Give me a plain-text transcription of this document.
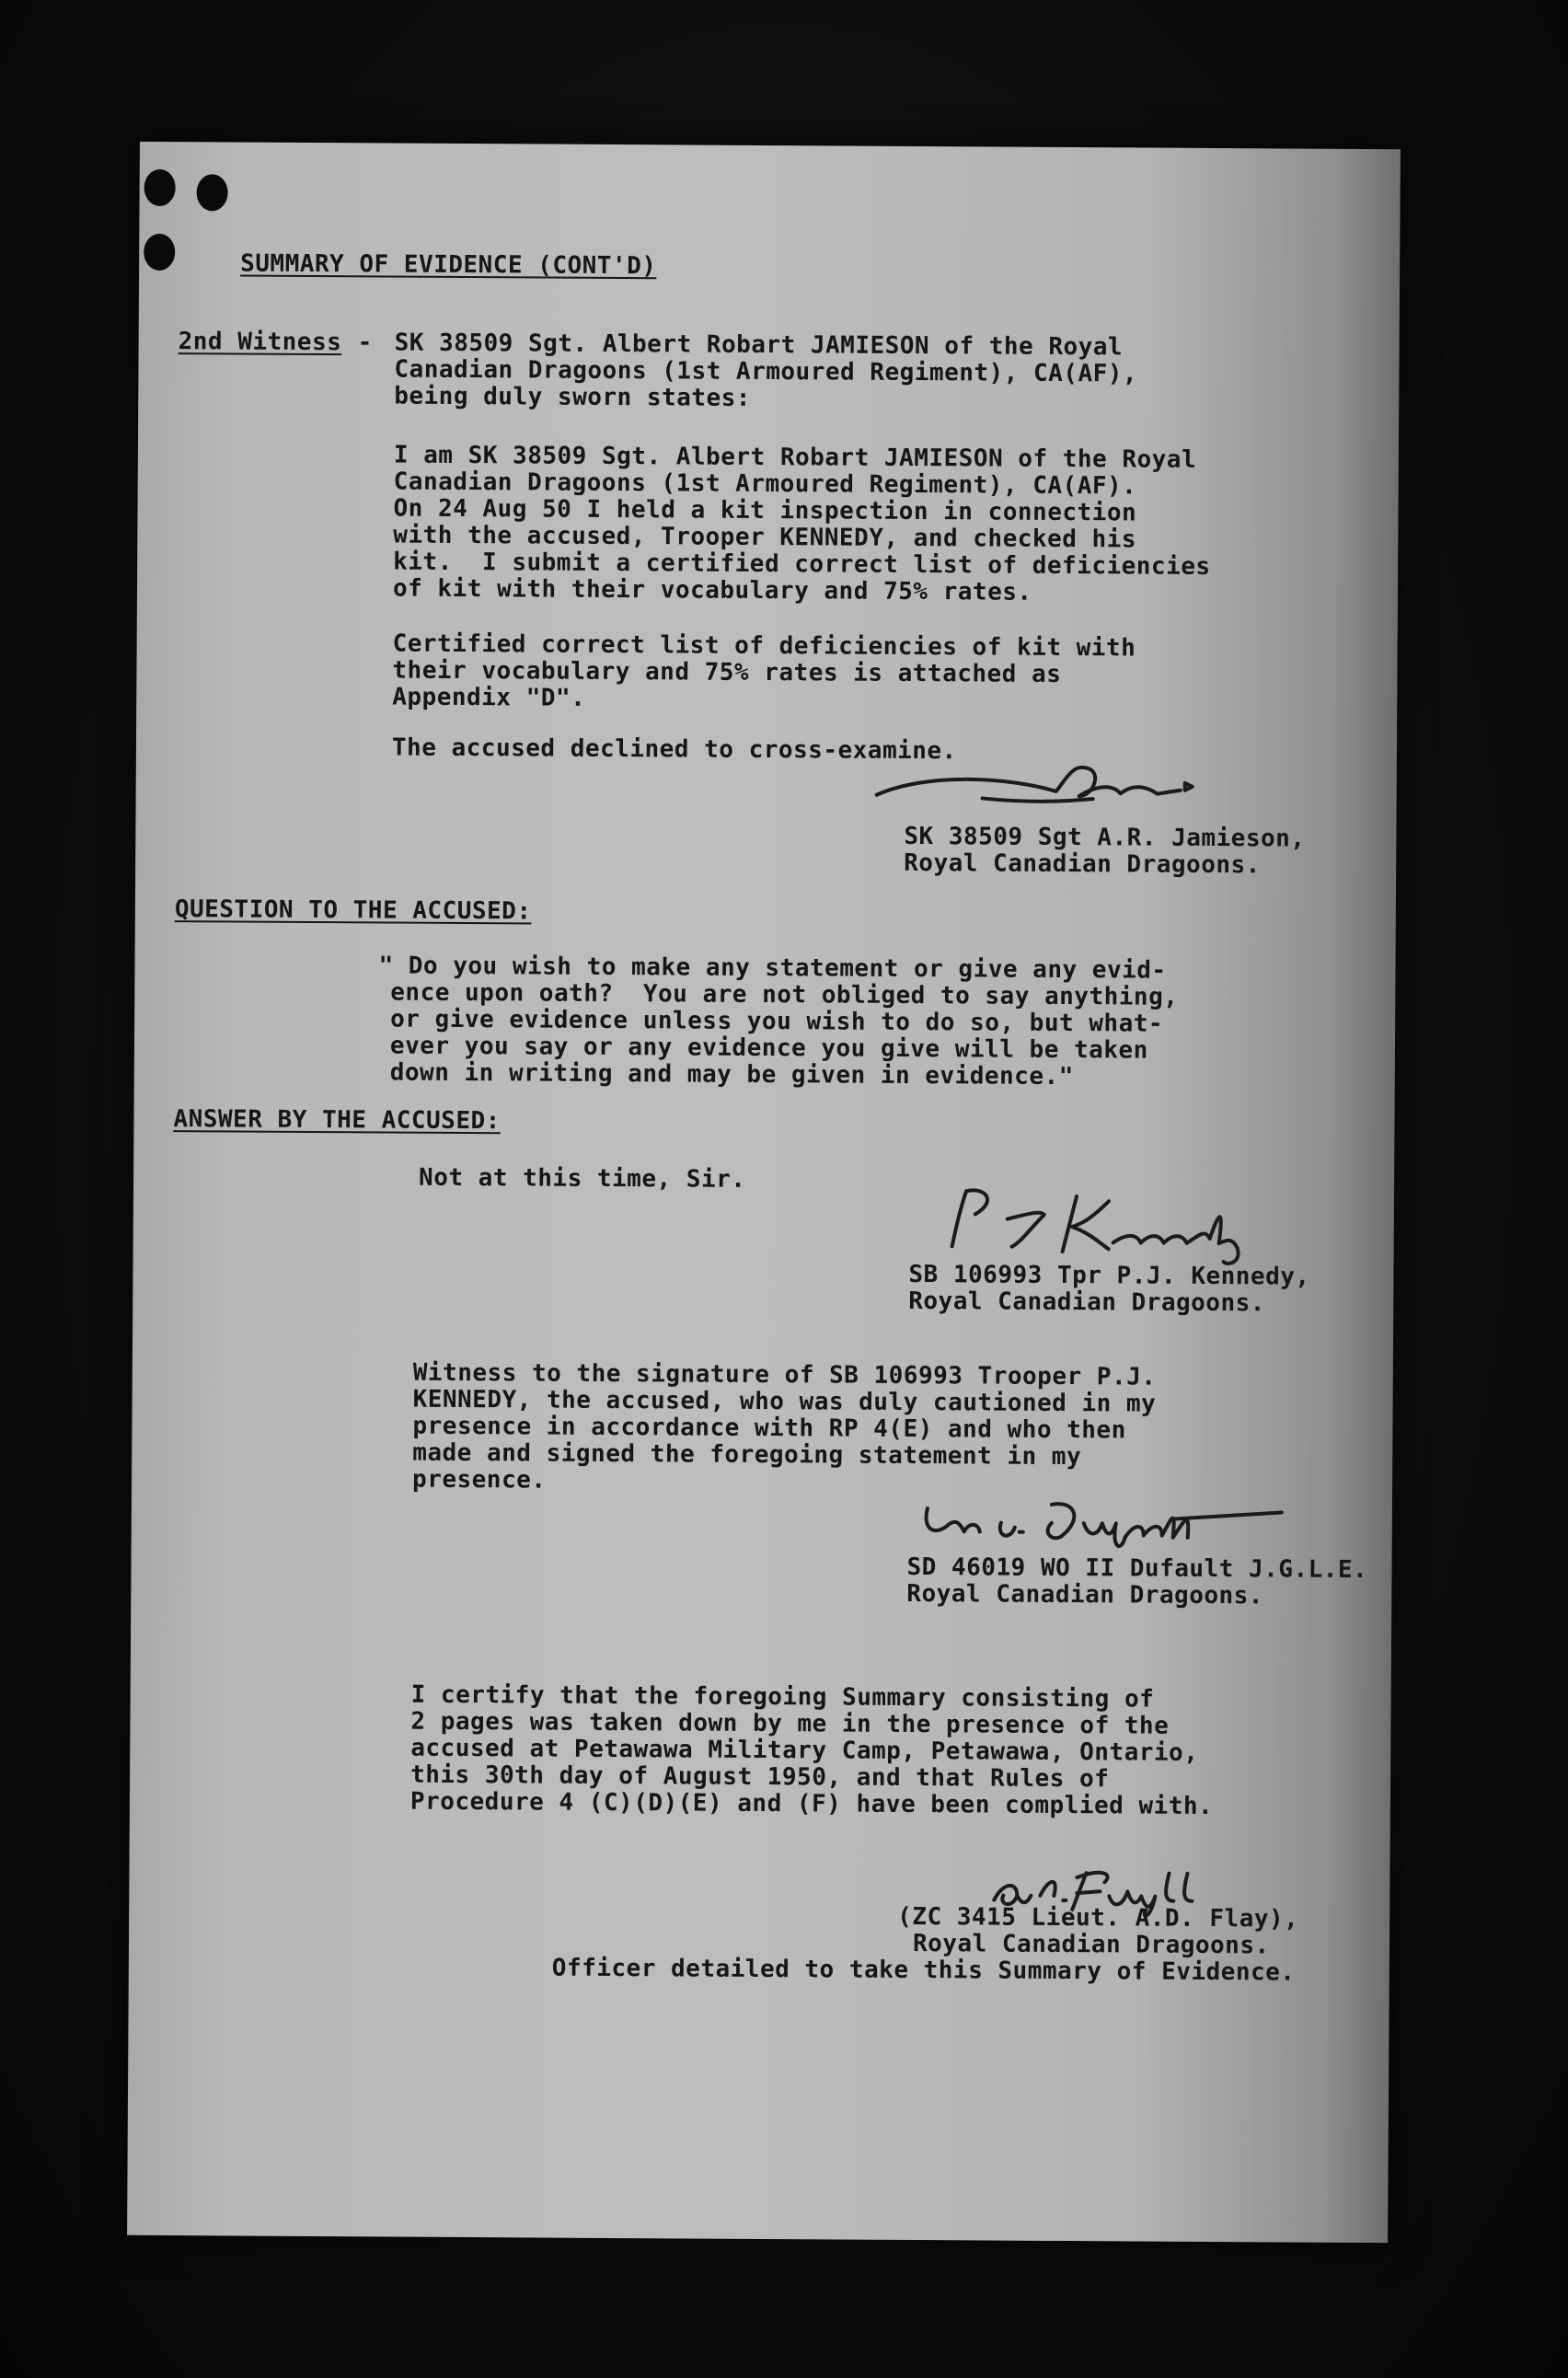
SUMMARY OF EVIDENCE (CONT'D)
2nd Witness - SK 38509 Sgt. Albert Robart JAMIESON of the Royal
Canadian Dragoons (1st Armoured Regiment), CA(AF),
being duly sworn states:
I am SK 38509 Sgt. Albert Robart JAMIESON of the Royal
Canadian Dragoons (1st Armoured Regiment), CA(AF).
On 24 Aug 50 I held a kit inspection in connection
with the accused, Trooper KENNEDY, and checked his
kit.  I submit a certified correct list of deficiencies
of kit with their vocabulary and 75% rates.
Certified correct list of deficiencies of kit with
their vocabulary and 75% rates is attached as
Appendix "D".
The accused declined to cross-examine.
SK 38509 Sgt A.R. Jamieson,
Royal Canadian Dragoons.
QUESTION TO THE ACCUSED:
" Do you wish to make any statement or give any evid-
ence upon oath?  You are not obliged to say anything,
or give evidence unless you wish to do so, but what-
ever you say or any evidence you give will be taken
down in writing and may be given in evidence."
ANSWER BY THE ACCUSED:
Not at this time, Sir.
SB 106993 Tpr P.J. Kennedy,
Royal Canadian Dragoons.
Witness to the signature of SB 106993 Trooper P.J.
KENNEDY, the accused, who was duly cautioned in my
presence in accordance with RP 4(E) and who then
made and signed the foregoing statement in my
presence.
SD 46019 WO II Dufault J.G.L.E.
Royal Canadian Dragoons.
I certify that the foregoing Summary consisting of
2 pages was taken down by me in the presence of the
accused at Petawawa Military Camp, Petawawa, Ontario,
this 30th day of August 1950, and that Rules of
Procedure 4 (C)(D)(E) and (F) have been complied with.
(ZC 3415 Lieut. A.D. Flay),
Royal Canadian Dragoons.
Officer detailed to take this Summary of Evidence.
